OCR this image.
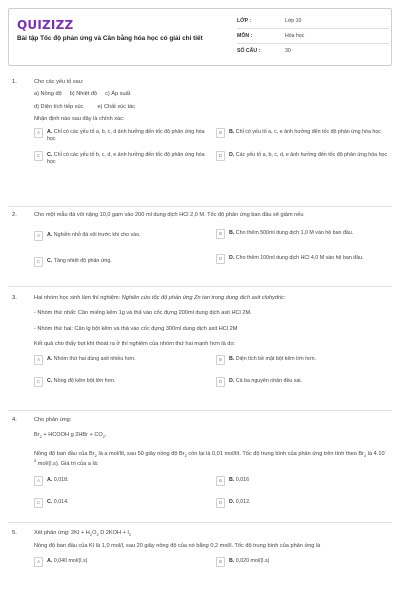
QUIZIZZ
Bài tập Tốc độ phản ứng và Cân bằng hóa học có giải chi tiết
LỚP :	Lớp 10
MÔN :	Hóa học
SỐ CÂU :	30
1.	Cho các yếu tố sau:
a) Nồng độ b) Nhiệt độ c) Áp suất
d) Diện tích tiếp xúc	e) Chất xúc tác
Nhận định nào sau đây là chính xác:
A	A. Chỉ có các yếu tố a, b, c, d ảnh hưởng đến tốc độ phản ứng hóa học
B	B. Chỉ có yếu tố a, c, e ảnh hưởng đến tốc độ phản ứng hóa học
C	C. Chỉ có các yếu tố b, c, d, e ảnh hưởng đến tốc độ phản ứng hóa học
D	D. Các yếu tố a, b, c, d, e ảnh hưởng đến tốc độ phản ứng hóa học
2.	Cho một mẫu đá vôi nặng 10,0 gam vào 200 ml dung dịch HCl 2,0 M. Tốc độ phản ứng ban đầu sẽ giảm nếu
A	A. Nghiền nhỏ đá vôi trước khi cho vào.	B	B. Cho thêm 500ml dung dịch 1,0 M vào hệ ban đầu.
C	C. Tăng nhiệt độ phản ứng.	D	D. Cho thêm 100ml dung dịch HCl 4,0 M vào hệ ban đầu.
3.	Hai nhóm học sinh làm thí nghiệm: Nghiên cứu tốc độ phản ứng Zn tan trong dung dịch axit clohydric:
- Nhóm thứ nhất: Cân miếng kẽm 1g và thả vào cốc đựng 200ml dung dịch axit HCl 2M.
- Nhóm thứ hai: Cân lg bột kẽm và thả vào cốc đựng 300ml dung dịch axit HCl 2M
Kết quả cho thấy bọt khí thoát ra ở thí nghiệm của nhóm thứ hai mạnh hơn là do:
A	A. Nhóm thứ hai dùng axit nhiều hơn.	B	B. Diện tích bề mặt bột kẽm lớn hơn.
C	C. Nồng độ kẽm bột lớn hơn.	D	D. Cả ba nguyên nhân đều sai.
4.	Cho phản ứng:
$Br_2$ + HCOOH g $2HBr + CO_2$.
Nồng độ ban đầu của $Br_2$ là a mol/lít, sau 50 giây nồng độ $Br_2$ còn lại là 0,01 mol/lít. Tốc độ trung bình của phản ứng trên tính theo $Br_2$ là $4.10^{-5}$ mol/(l.s). Giá trị của a là:
A	A. 0,018.	B	B. 0,016
C	C. 0,014.	D	D. 0,012.
5.	Xét phản ứng: $2KI + H_2O_2$ D $2KOH + I_2$
Nồng độ ban đầu của KI là 1,0 mol/l, sau 20 giây nồng độ của nó bằng 0,2 mol/l. Tốc độ trung bình của phản ứng là
A	A. 0,040 mol/(l.s)	B	B. 0,020 mol/(l.s)
